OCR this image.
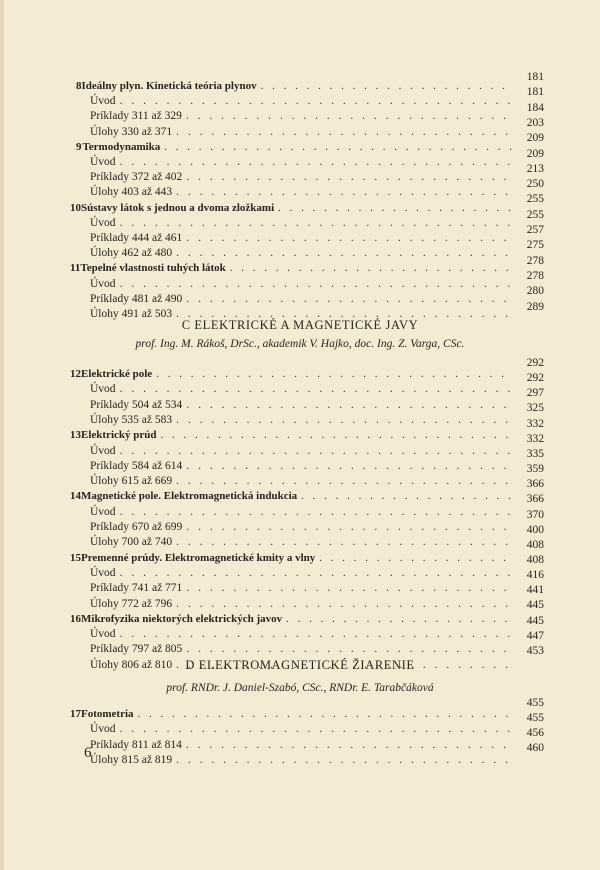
8 Ideálny plyn. Kinetická teória plynov
. . .
Úvod
. . .
Príklady 311 až 329
. . .
Úlohy 330 až 371
. . .
9 Termodynamika
. . .
Úvod
. . .
Príklady 372 až 402
. . .
Úlohy 403 až 443
. . .
10 Sústavy látok s jednou a dvoma zložkami
. . .
Úvod
. . .
Príklady 444 až 461
. . .
Úlohy 462 až 480
. . .
11 Tepelné vlastnosti tuhých látok
. . .
Úvod
. . .
Príklady 481 až 490
. . .
Úlohy 491 až 503
. . .
181
181
184
203
209
209
213
250
255
255
257
275
278
278
280
289
C ELEKTRICKÉ A MAGNETICKÉ JAVY
prof. Ing. M. Rákoš, DrSc., akademik V. Hajko, doc. Ing. Z. Varga, CSc.
12 Elektrické pole
. . .
Úvod
. . .
Príklady 504 až 534
. . .
Úlohy 535 až 583
. . .
13 Elektrický prúd
. . .
Úvod
. . .
Príklady 584 až 614
. . .
Úlohy 615 až 669
. . .
14 Magnetické pole. Elektromagnetická indukcia
. . .
Úvod
. . .
Príklady 670 až 699
. . .
Úlohy 700 až 740
. . .
15 Premenné prúdy. Elektromagnetické kmity a vlny
. . .
Úvod
. . .
Príklady 741 až 771
. . .
Úlohy 772 až 796
. . .
16 Mikrofyzika niektorých elektrických javov
. . .
Úvod
. . .
Príklady 797 až 805
. . .
Úlohy 806 až 810
. . .
292
292
297
325
332
332
335
359
366
366
370
400
408
408
416
441
445
445
447
453
D ELEKTROMAGNETICKÉ ŽIARENIE
prof. RNDr. J. Daniel-Szabó, CSc., RNDr. E. Tarabčáková
17 Fotometria
. . .
Úvod
. . .
Príklady 811 až 814
. . .
Úlohy 815 až 819
. . .
455
455
456
460
6
